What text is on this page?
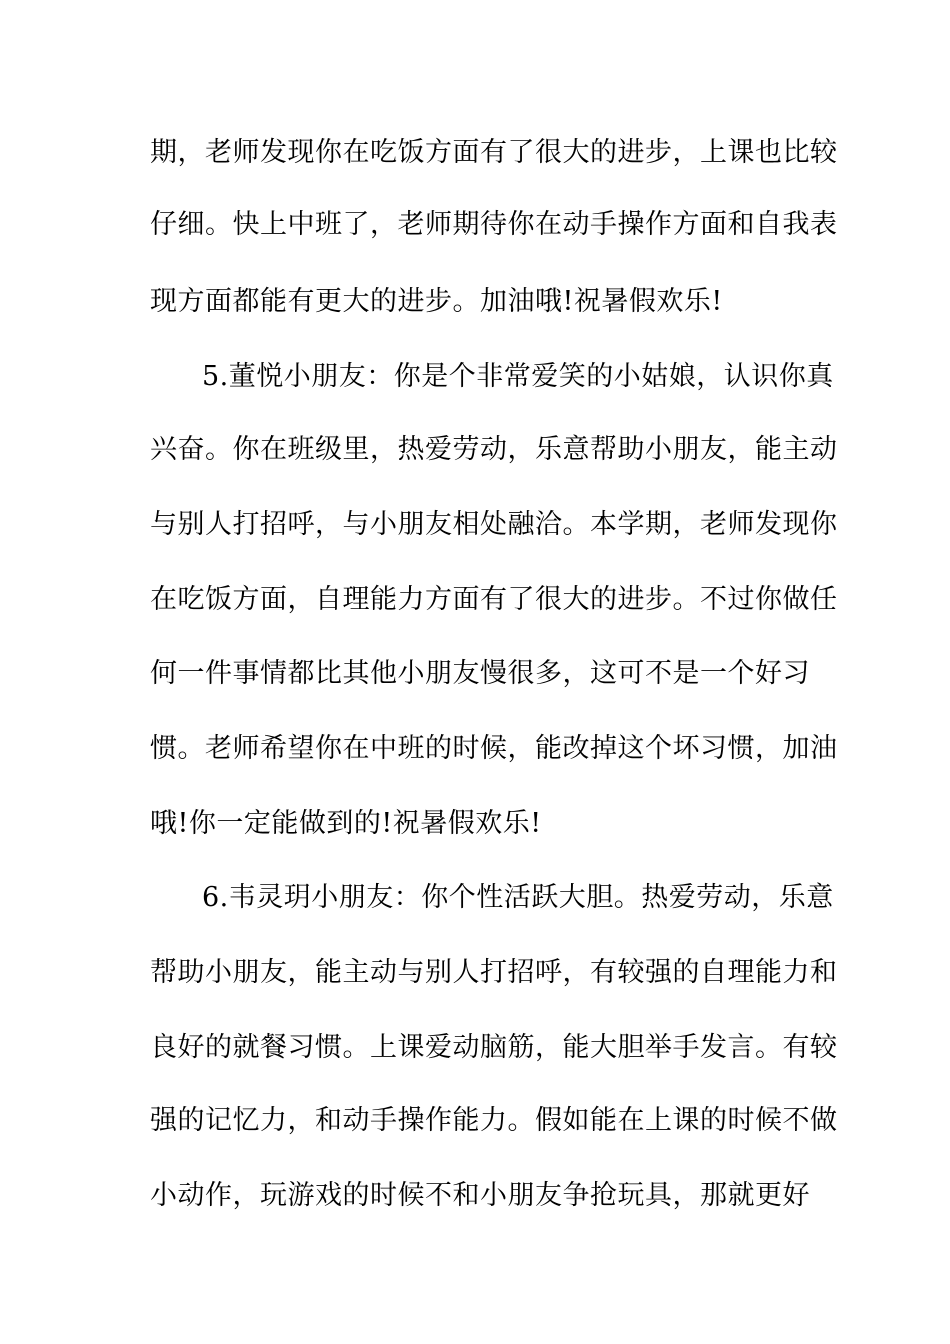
期，老师发现你在吃饭方面有了很大的进步，上课也比较
仔细。快上中班了，老师期待你在动手操作方面和自我表
现方面都能有更大的进步。加油哦!祝暑假欢乐!
5.董悦小朋友：你是个非常爱笑的小姑娘，认识你真
兴奋。你在班级里，热爱劳动，乐意帮助小朋友，能主动
与别人打招呼，与小朋友相处融洽。本学期，老师发现你
在吃饭方面，自理能力方面有了很大的进步。不过你做任
何一件事情都比其他小朋友慢很多，这可不是一个好习
惯。老师希望你在中班的时候，能改掉这个坏习惯，加油
哦!你一定能做到的!祝暑假欢乐!
6.韦灵玥小朋友：你个性活跃大胆。热爱劳动，乐意
帮助小朋友，能主动与别人打招呼，有较强的自理能力和
良好的就餐习惯。上课爱动脑筋，能大胆举手发言。有较
强的记忆力，和动手操作能力。假如能在上课的时候不做
小动作，玩游戏的时候不和小朋友争抢玩具，那就更好
